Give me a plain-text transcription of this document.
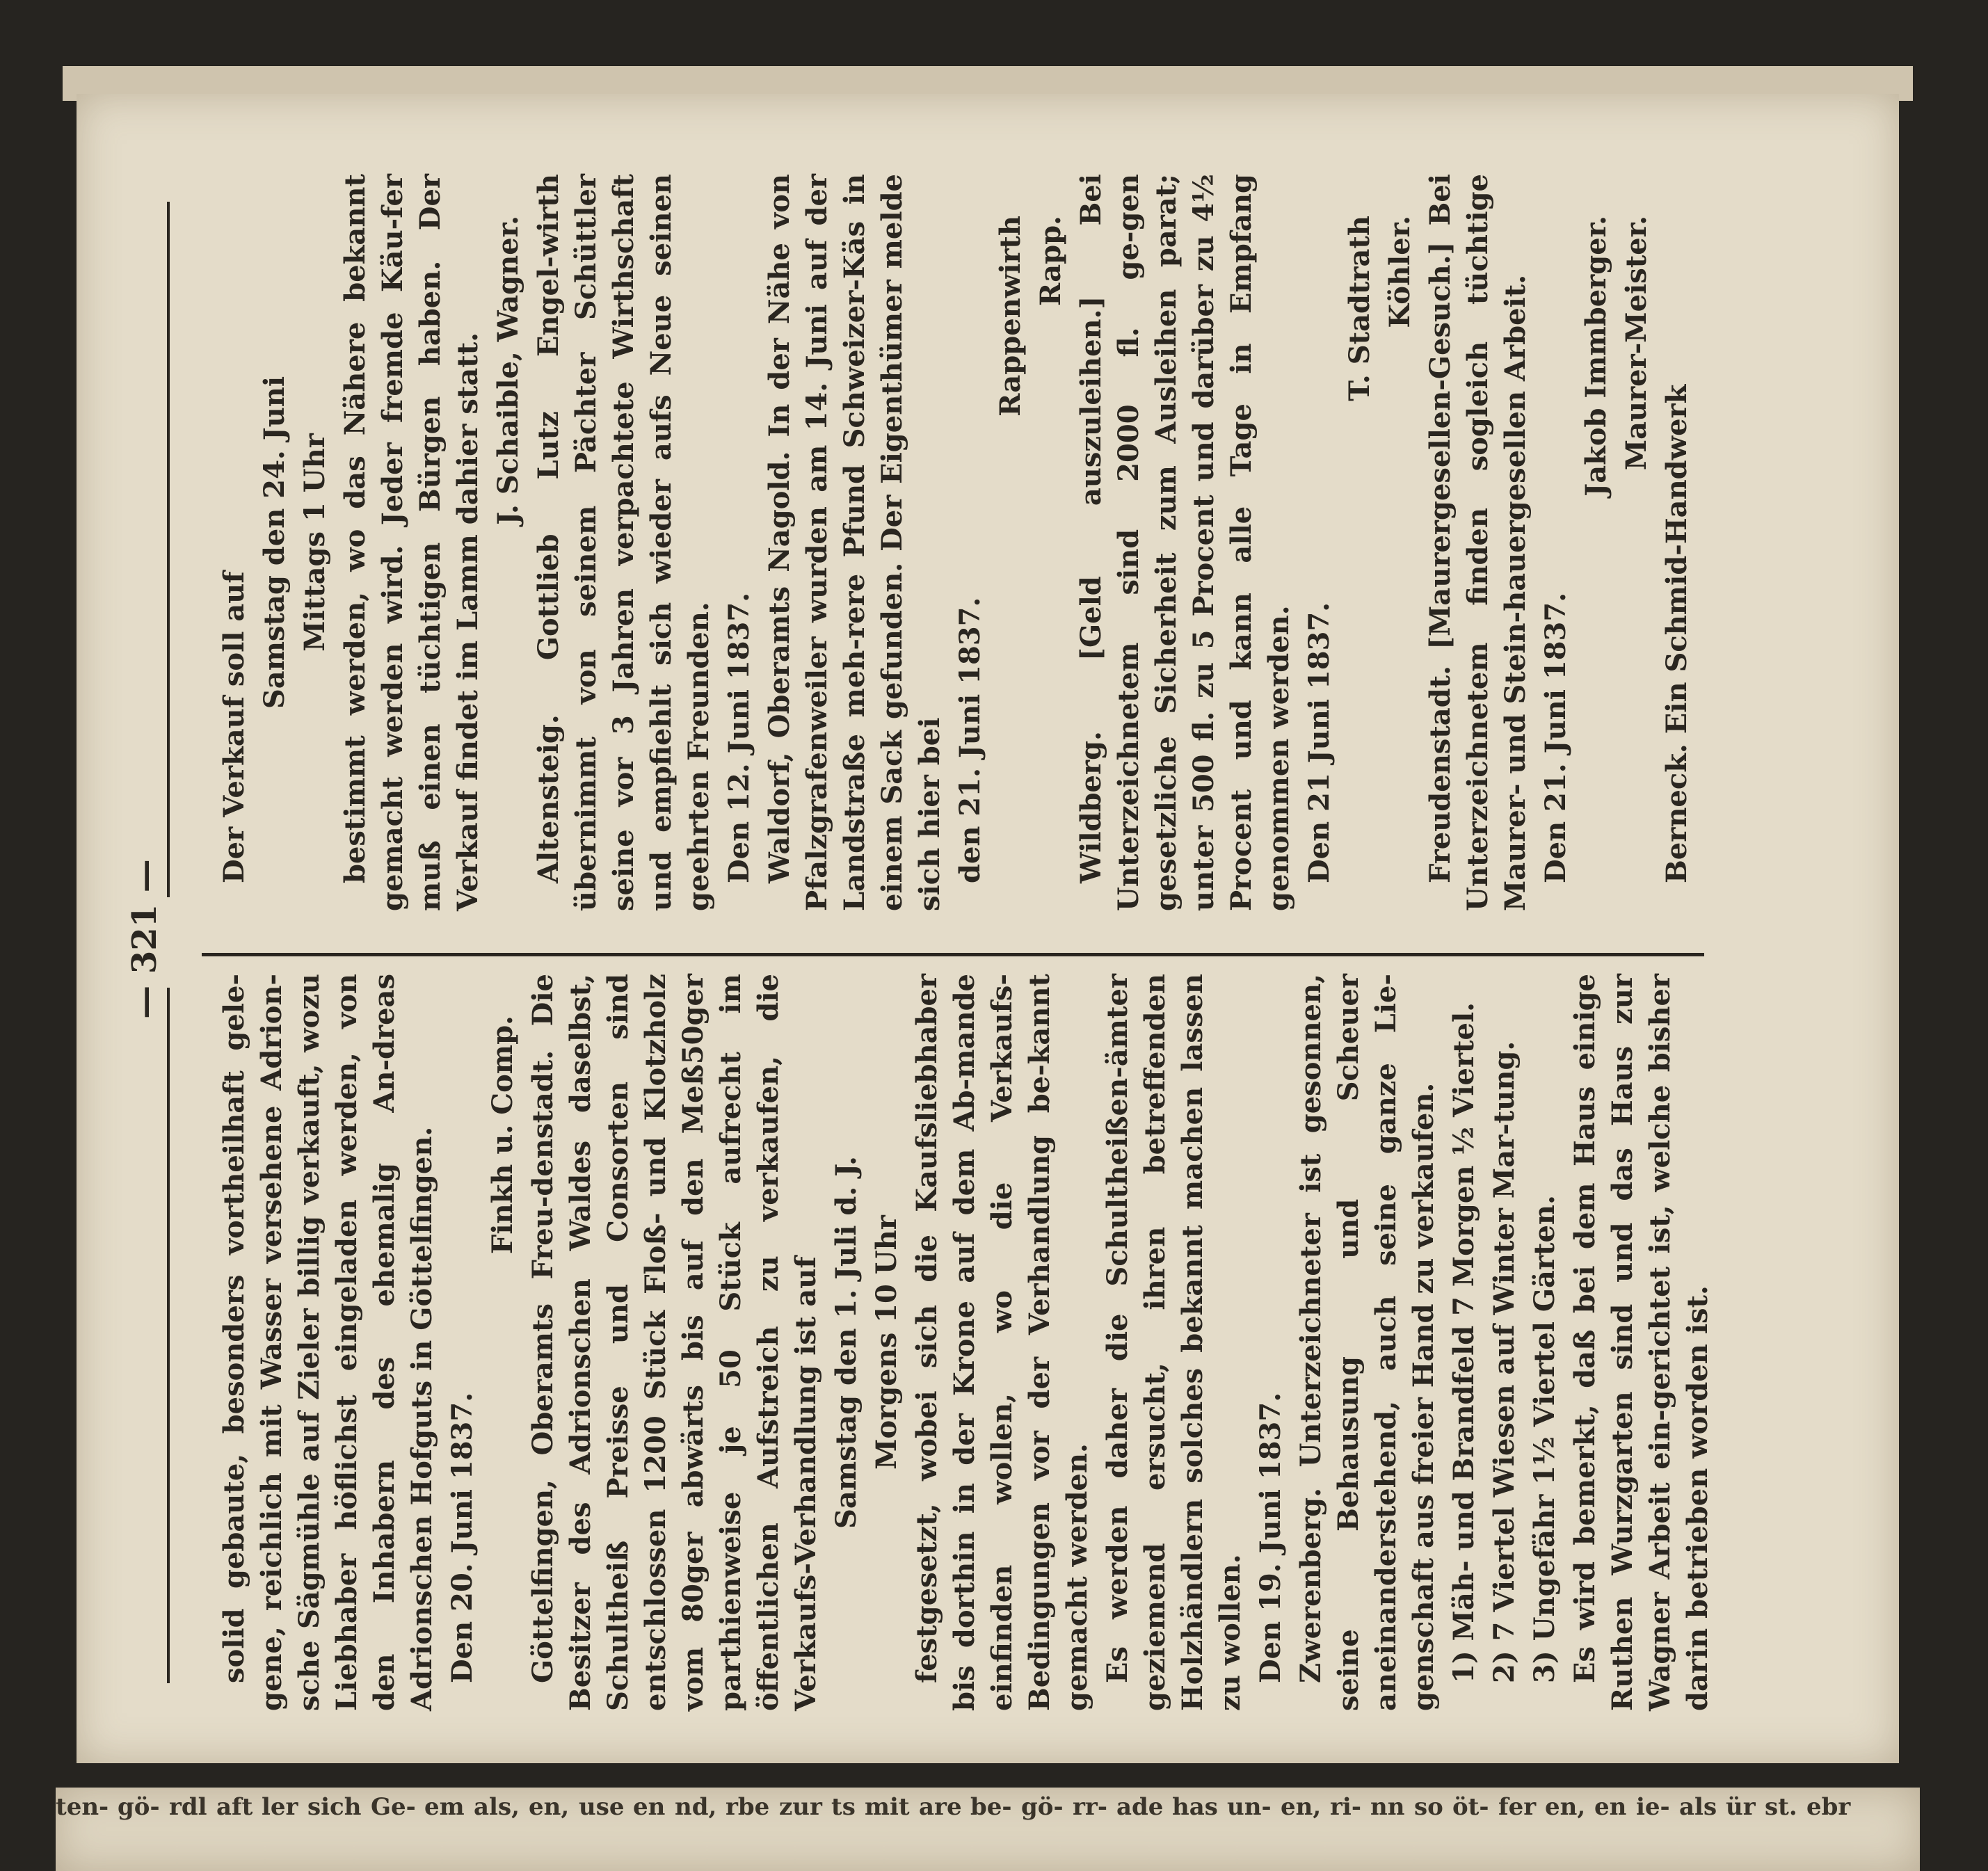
— 321 —

solid gebaute, besonders vortheilhaft gele-gene, reichlich mit Wasser versehene Adrion-sche Sägmühle auf Zieler billig verkauft, wozu Liebhaber höflichst eingeladen werden, von den Inhabern des ehemalig An-dreas Adrionschen Hofguts in Göttelfingen. Den 20. Juni 1837.

Finkh u. Comp. Göttelfingen, Oberamts Freu-denstadt. Die Besitzer des Adrionschen Waldes daselbst, Schultheiß Preisse und Consorten sind entschlossen 1200 Stück Floß- und Klotzholz vom 80ger abwärts bis auf den Meß50ger parthienweise je 50 Stück aufrecht im öffentlichen Aufstreich zu verkaufen, die Verkaufs-Verhandlung ist auf Samstag den 1. Juli d. J. Morgens 10 Uhr festgesetzt, wobei sich die Kaufsliebhaber bis dorthin in der Krone auf dem Ab-mande einfinden wollen, wo die Verkaufs-Bedingungen vor der Verhandlung be-kannt gemacht werden. Es werden daher die Schultheißen-ämter geziemend ersucht, ihren betreffenden Holzhändlern solches bekannt machen lassen zu wollen. Den 19. Juni 1837. Zwerenberg. Unterzeichneter ist gesonnen, seine Behausung und Scheuer aneinanderstehend, auch seine ganze Lie-genschaft aus freier Hand zu verkaufen. 1) Mäh- und Brandfeld 7 Morgen ½ Viertel. 2) 7 Viertel Wiesen auf Winter Mar-tung. 3) Ungefähr 1½ Viertel Gärten. Es wird bemerkt, daß bei dem Haus einige Ruthen Wurzgarten sind und das Haus zur Wagner Arbeit ein-gerichtet ist, welche bisher darin betrieben worden ist.

Der Verkauf soll auf

Samstag den 24. Juni Mittags 1 Uhr bestimmt werden, wo das Nähere bekannt gemacht werden wird. Jeder fremde Käu-fer muß einen tüchtigen Bürgen haben. Der Verkauf findet im Lamm dahier statt. J. Schaible, Wagner. Altensteig. Gottlieb Lutz Engel-wirth übernimmt von seinem Pächter Schüttler seine vor 3 Jahren verpachtete Wirthschaft und empfiehlt sich wieder aufs Neue seinen geehrten Freunden. Den 12. Juni 1837. Waldorf, Oberamts Nagold. In der Nähe von Pfalzgrafenweiler wurden am 14. Juni auf der Landstraße meh-rere Pfund Schweizer-Käs in einem Sack gefunden. Der Eigenthümer melde sich hier bei den 21. Juni 1837.

Rappenwirth Rapp. Wildberg. [Geld auszuleihen.] Bei Unterzeichnetem sind 2000 fl. ge-gen gesetzliche Sicherheit zum Ausleihen parat; unter 500 fl. zu 5 Procent und darüber zu 4½ Procent und kann alle Tage in Empfang genommen werden. Den 21 Juni 1837.

T. Stadtrath Köhler. Freudenstadt. [Maurergesellen-Gesuch.] Bei Unterzeichnetem finden sogleich tüchtige Maurer- und Stein-hauergesellen Arbeit. Den 21. Juni 1837.

Jakob Immberger. Maurer-Meister.

Berneck. Ein Schmid-Handwerk

ten- gö- rdl aft ler sich Ge- em als, en, use en nd, rbe zur ts mit are be- gö- rr- ade has un- en, ri- nn so öt- fer en, en ie- als ür st. ebr
